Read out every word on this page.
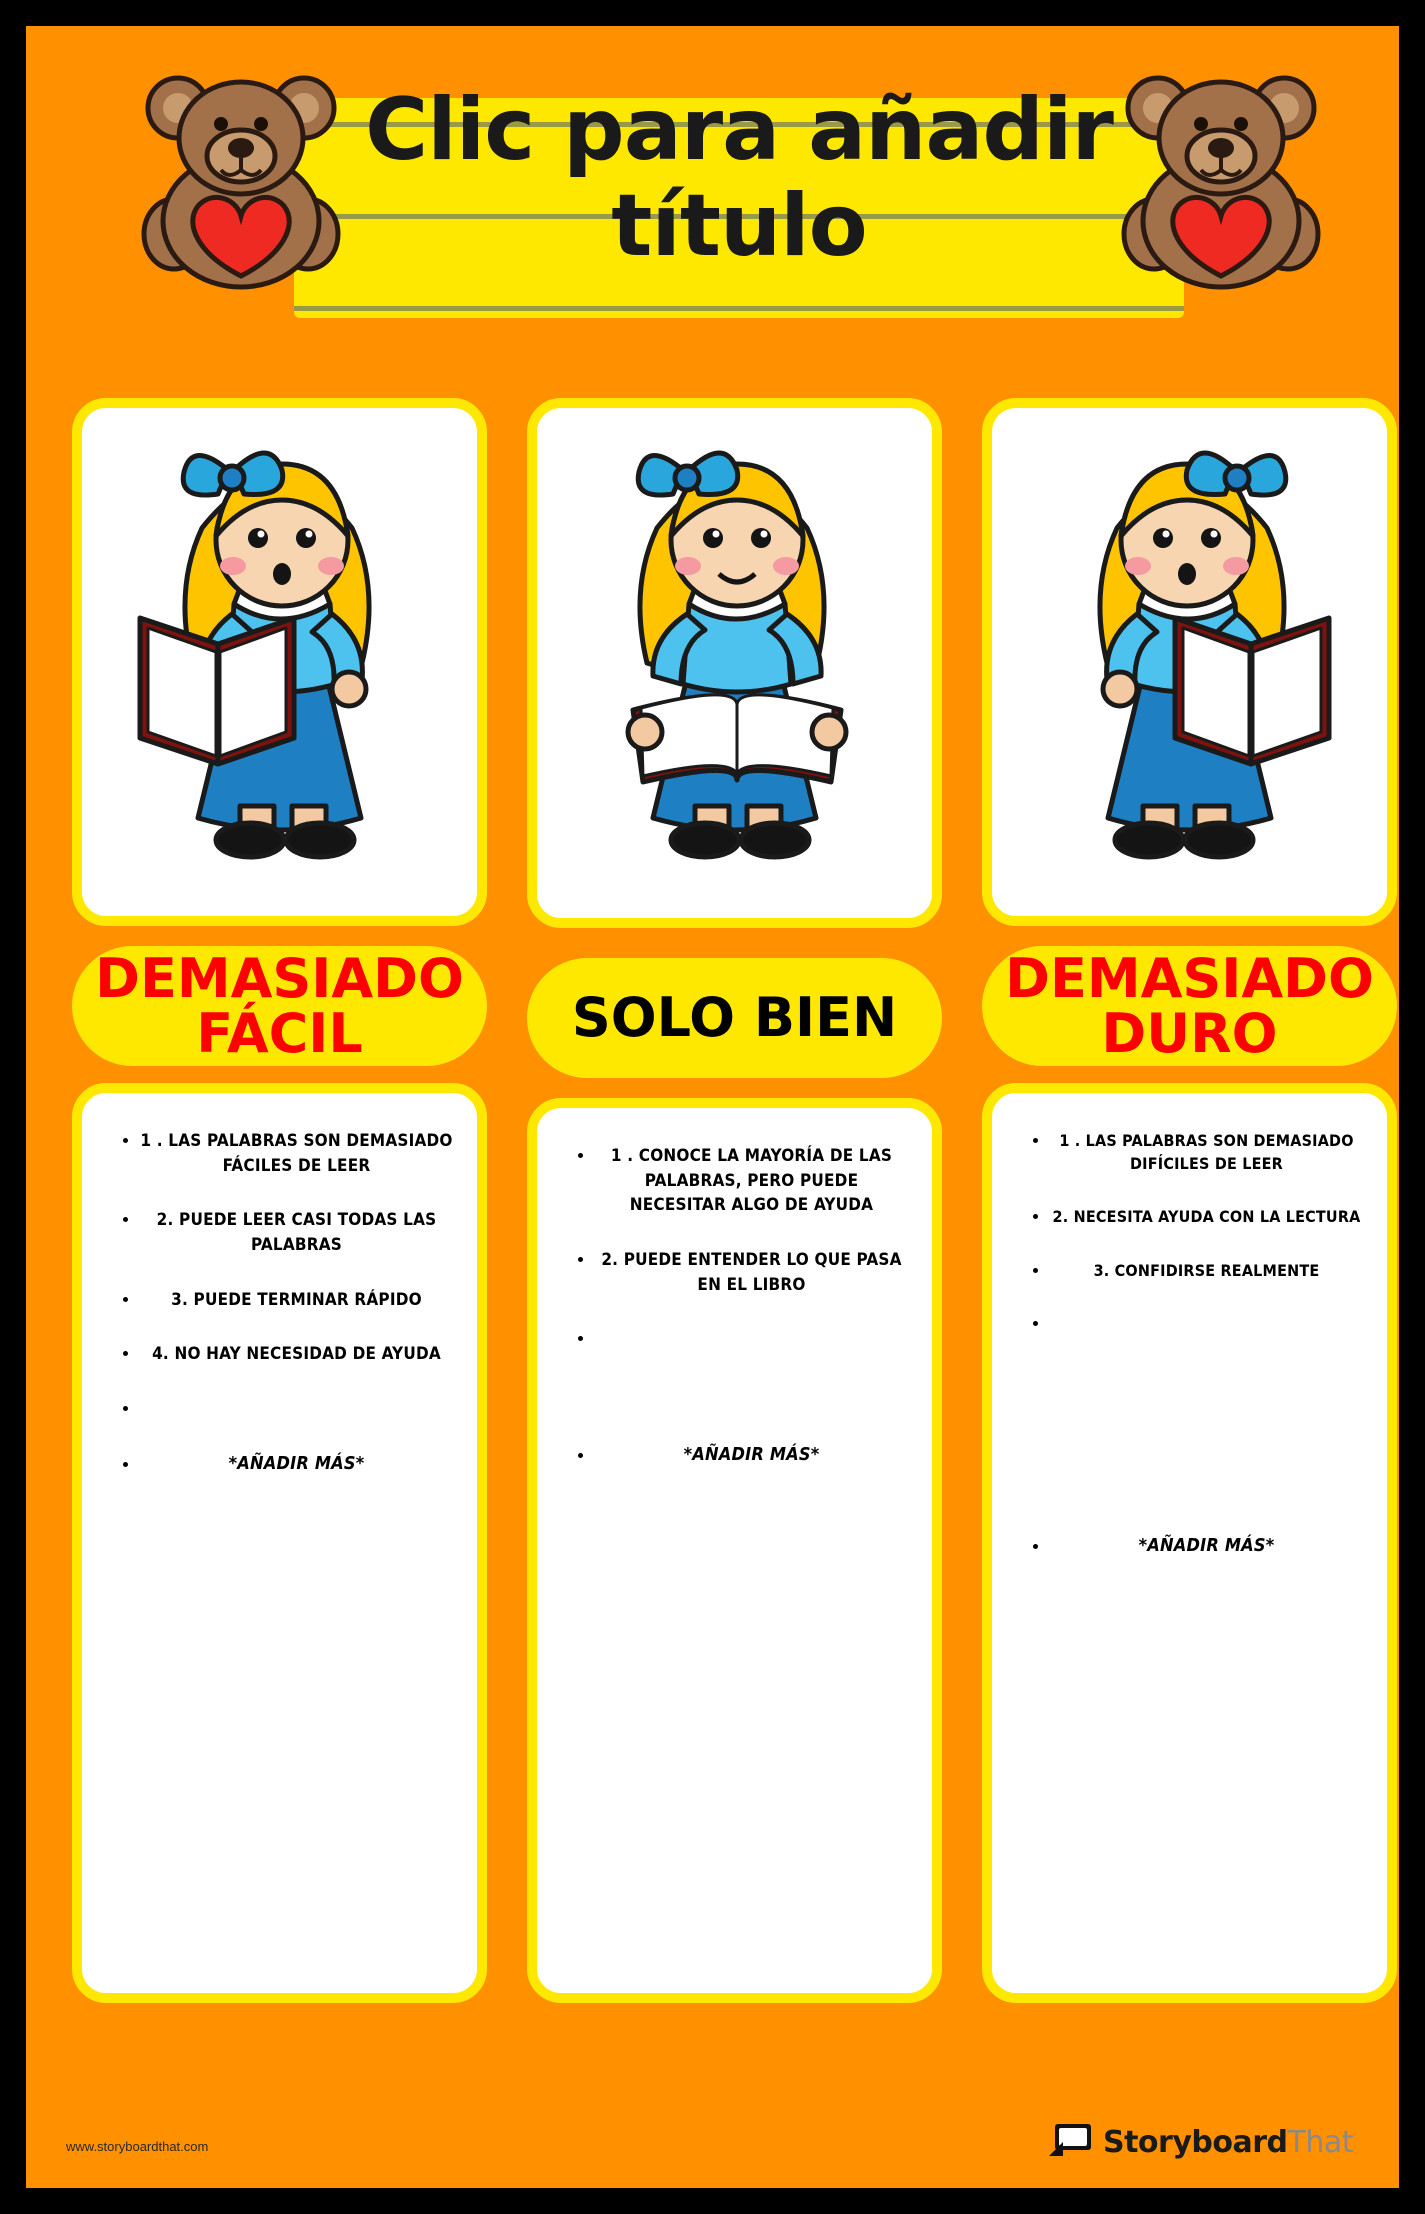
Clic para añadir título
DEMASIADO FÁCIL
• 1 . LAS PALABRAS SON DEMASIADO FÁCILES DE LEER
• 2. PUEDE LEER CASI TODAS LAS PALABRAS
• 3. PUEDE TERMINAR RÁPIDO
• 4. NO HAY NECESIDAD DE AYUDA
•
• *AÑADIR MÁS*
SOLO BIEN
• 1 . CONOCE LA MAYORÍA DE LAS PALABRAS, PERO PUEDE NECESITAR ALGO DE AYUDA
• 2. PUEDE ENTENDER LO QUE PASA EN EL LIBRO
•
• *AÑADIR MÁS*
DEMASIADO DURO
• 1 . LAS PALABRAS SON DEMASIADO DIFÍCILES DE LEER
• 2. NECESITA AYUDA CON LA LECTURA
• 3. CONFIDIRSE REALMENTE
•
• *AÑADIR MÁS*
www.storyboardthat.com	StoryboardThat
